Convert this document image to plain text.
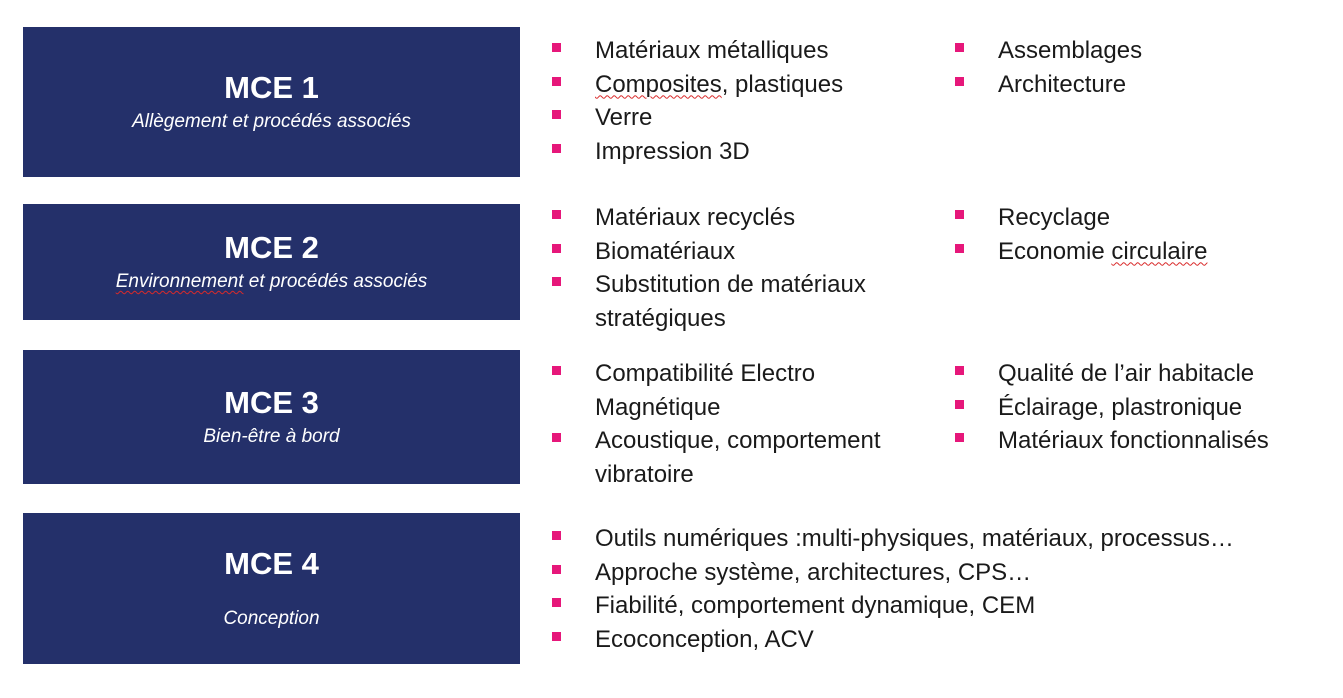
MCE 1
Allègement et procédés associés
Matériaux métalliques
Composites, plastiques
Verre
Impression 3D
Assemblages
Architecture
MCE 2
Environnement et procédés associés
Matériaux recyclés
Biomatériaux
Substitution de matériaux stratégiques
Recyclage
Economie circulaire
MCE 3
Bien-être à bord
Compatibilité Electro Magnétique
Acoustique, comportement vibratoire
Qualité de l’air habitacle
Éclairage, plastronique
Matériaux fonctionnalisés
MCE 4
Conception
Outils numériques :multi-physiques, matériaux, processus…
Approche système, architectures, CPS…
Fiabilité, comportement dynamique, CEM
Ecoconception, ACV
